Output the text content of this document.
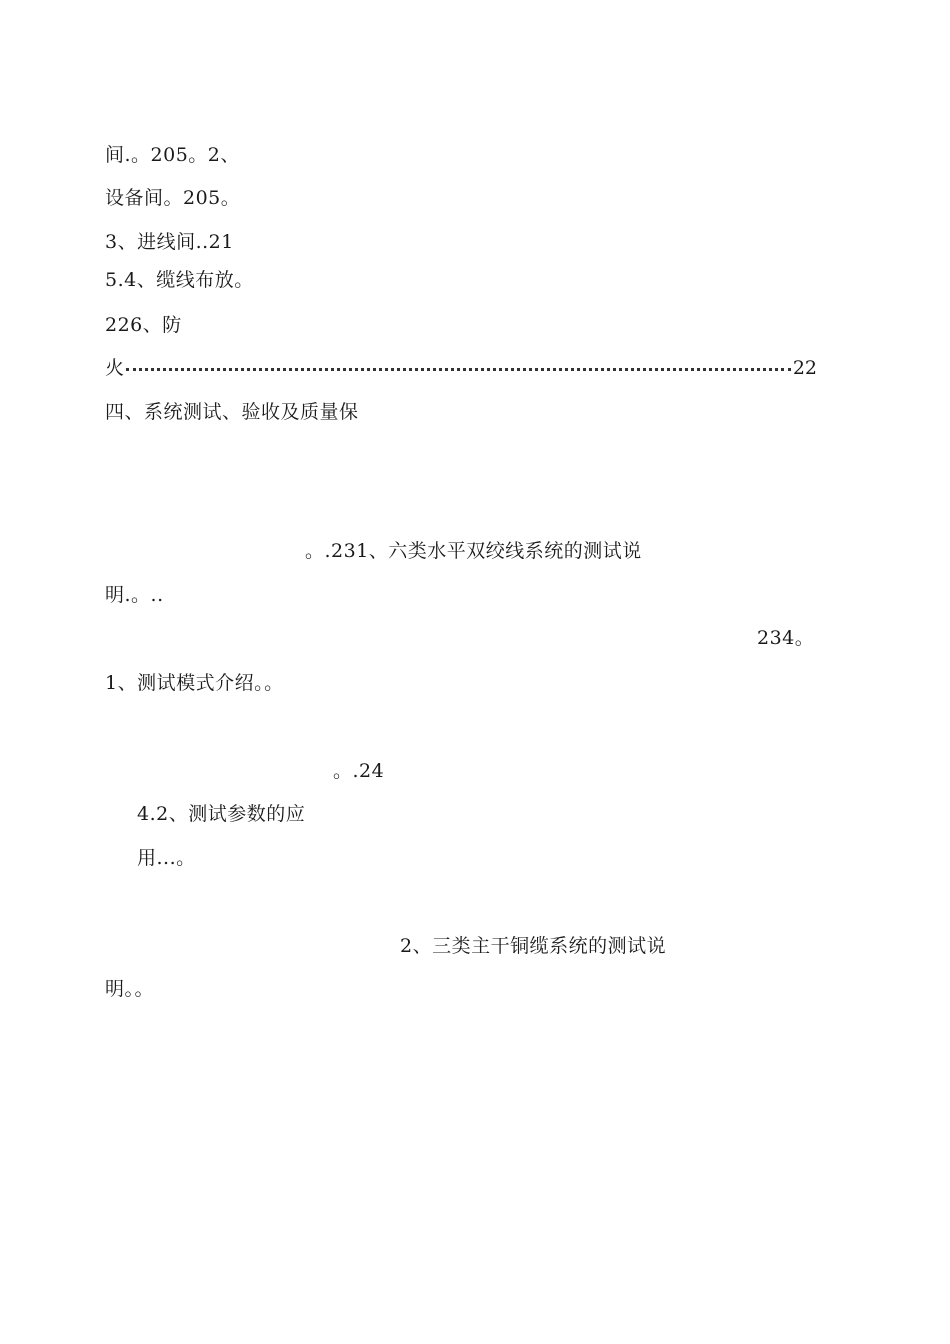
间.。205。2、
设备间。205。
3、进线间..21
5.4、缆线布放。
226、防
火	22
四、系统测试、验收及质量保
。.231、六类水平双绞线系统的测试说
明.。..
234。
1、测试模式介绍。。
。.24
4.2、测试参数的应
用...。
2、三类主干铜缆系统的测试说
明。。
